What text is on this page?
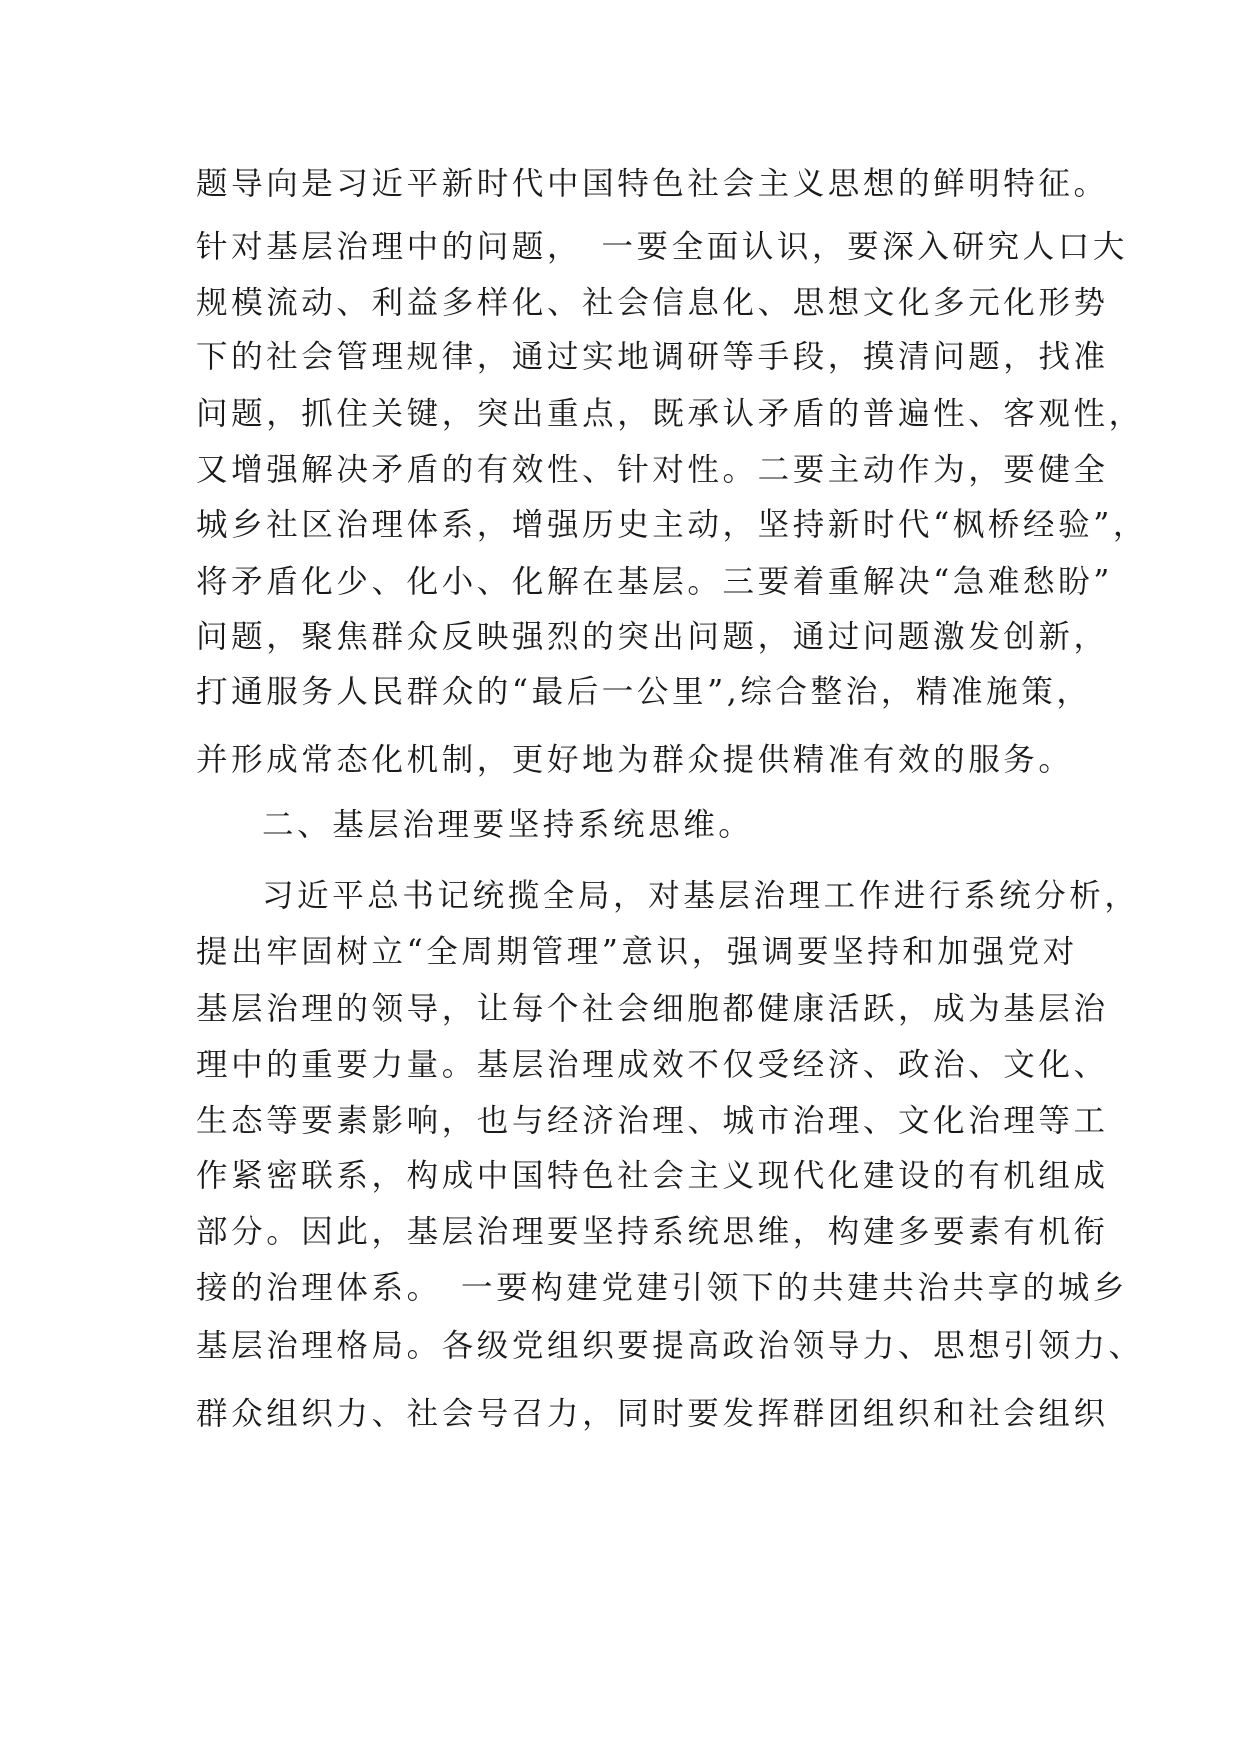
题导向是习近平新时代中国特色社会主义思想的鲜明特征。
针对基层治理中的问题，　一要全面认识，要深入研究人口大
规模流动、利益多样化、社会信息化、思想文化多元化形势
下的社会管理规律，通过实地调研等手段，摸清问题，找准
问题，抓住关键，突出重点，既承认矛盾的普遍性、客观性，
又增强解决矛盾的有效性、针对性。二要主动作为，要健全
城乡社区治理体系，增强历史主动，坚持新时代“枫桥经验”，
将矛盾化少、化小、化解在基层。三要着重解决“急难愁盼”
问题，聚焦群众反映强烈的突出问题，通过问题激发创新，
打通服务人民群众的“最后一公里”,综合整治，精准施策，
并形成常态化机制，更好地为群众提供精准有效的服务。
二、基层治理要坚持系统思维。
习近平总书记统揽全局，对基层治理工作进行系统分析，
提出牢固树立“全周期管理”意识，强调要坚持和加强党对
基层治理的领导，让每个社会细胞都健康活跃，成为基层治
理中的重要力量。基层治理成效不仅受经济、政治、文化、
生态等要素影响，也与经济治理、城市治理、文化治理等工
作紧密联系，构成中国特色社会主义现代化建设的有机组成
部分。因此，基层治理要坚持系统思维，构建多要素有机衔
接的治理体系。　一要构建党建引领下的共建共治共享的城乡
基层治理格局。各级党组织要提高政治领导力、思想引领力、
群众组织力、社会号召力，同时要发挥群团组织和社会组织
